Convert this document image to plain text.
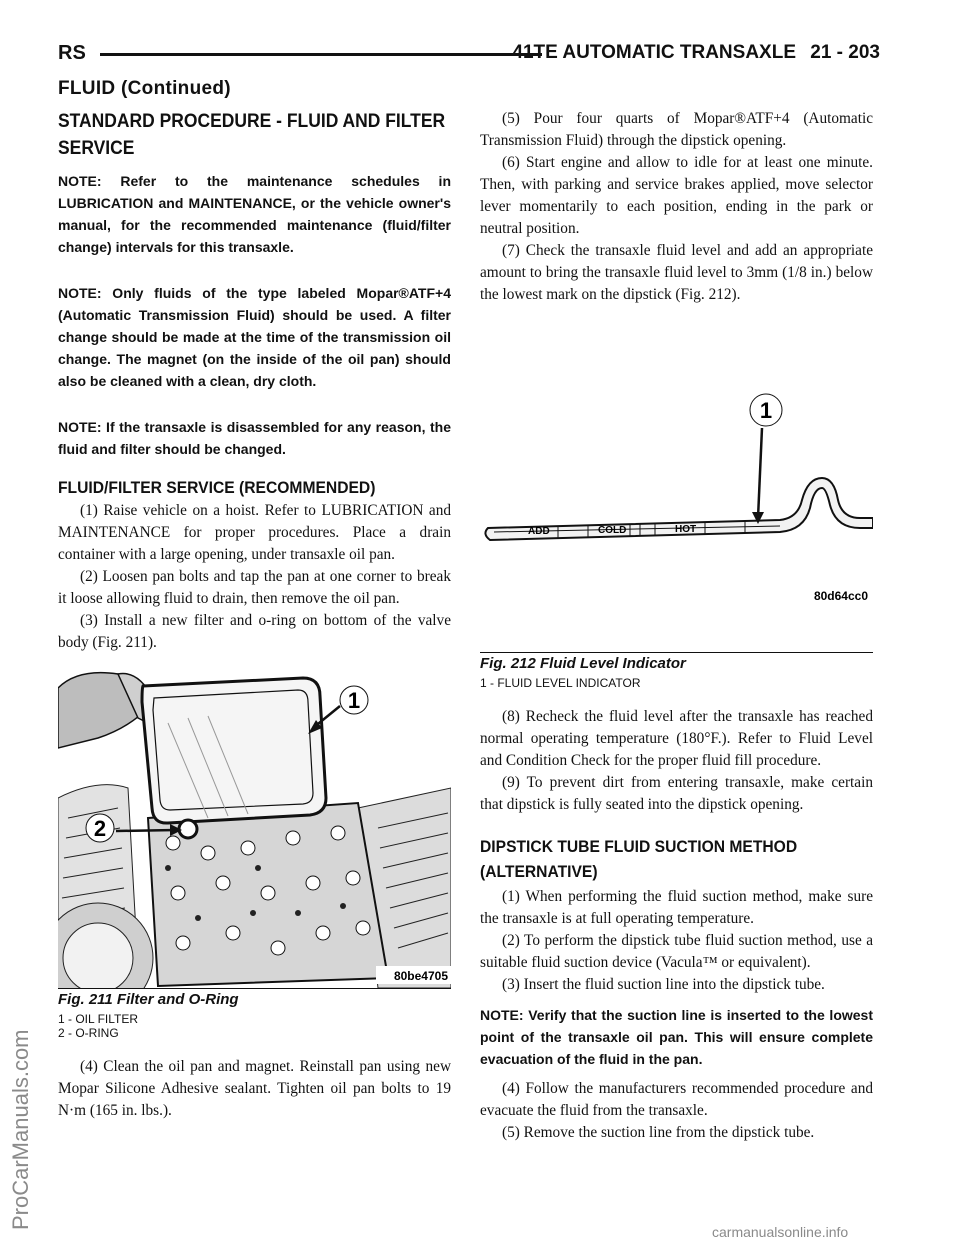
RS	41TE AUTOMATIC TRANSAXLE 21 - 203
FLUID (Continued)
STANDARD PROCEDURE - FLUID AND FILTER
SERVICE

NOTE: Refer to the maintenance schedules in LUBRICATION and MAINTENANCE, or the vehicle owner's manual, for the recommended maintenance (fluid/filter change) intervals for this transaxle.

NOTE: Only fluids of the type labeled Mopar®ATF+4 (Automatic Transmission Fluid) should be used. A filter change should be made at the time of the transmission oil change. The magnet (on the inside of the oil pan) should also be cleaned with a clean, dry cloth.

NOTE: If the transaxle is disassembled for any reason, the fluid and filter should be changed.

FLUID/FILTER SERVICE (RECOMMENDED)

(1) Raise vehicle on a hoist. Refer to LUBRICATION and MAINTENANCE for proper procedures. Place a drain container with a large opening, under transaxle oil pan.

(2) Loosen pan bolts and tap the pan at one corner to break it loose allowing fluid to drain, then remove the oil pan.

(3) Install a new filter and o-ring on bottom of the valve body (Fig. 211).

1
2
80be4705
Fig. 211 Filter and O-Ring
1 - OIL FILTER
2 - O-RING

(4) Clean the oil pan and magnet. Reinstall pan using new Mopar Silicone Adhesive sealant. Tighten oil pan bolts to 19 N·m (165 in. lbs.).

(5) Pour four quarts of Mopar®ATF+4 (Automatic Transmission Fluid) through the dipstick opening.

(6) Start engine and allow to idle for at least one minute. Then, with parking and service brakes applied, move selector lever momentarily to each position, ending in the park or neutral position.

(7) Check the transaxle fluid level and add an appropriate amount to bring the transaxle fluid level to 3mm (1/8 in.) below the lowest mark on the dipstick (Fig. 212).

ADD	COLD	HOT
1
80d64cc0
Fig. 212 Fluid Level Indicator
1 - FLUID LEVEL INDICATOR

(8) Recheck the fluid level after the transaxle has reached normal operating temperature (180°F.). Refer to Fluid Level and Condition Check for the proper fluid fill procedure.

(9) To prevent dirt from entering transaxle, make certain that dipstick is fully seated into the dipstick opening.

DIPSTICK TUBE FLUID SUCTION METHOD
(ALTERNATIVE)

(1) When performing the fluid suction method, make sure the transaxle is at full operating temperature.

(2) To perform the dipstick tube fluid suction method, use a suitable fluid suction device (Vacula™ or equivalent).

(3) Insert the fluid suction line into the dipstick tube.

NOTE: Verify that the suction line is inserted to the lowest point of the transaxle oil pan. This will ensure complete evacuation of the fluid in the pan.

(4) Follow the manufacturers recommended procedure and evacuate the fluid from the transaxle.

(5) Remove the suction line from the dipstick tube.

ProCarManuals.com
carmanualsonline.info
